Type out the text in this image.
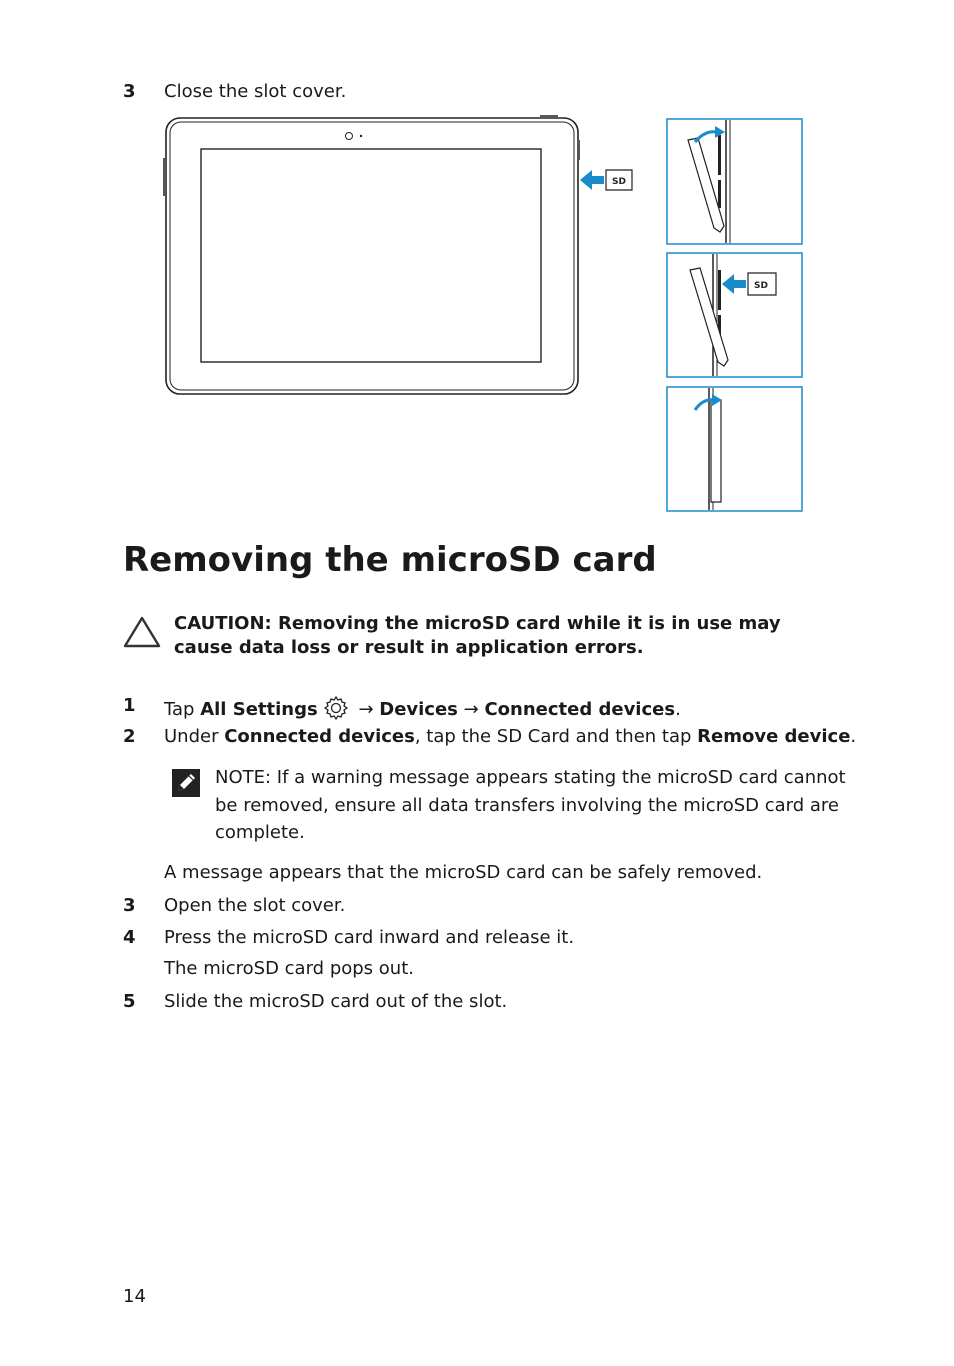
3 Close the slot cover.
SD
SD
Removing the microSD card
CAUTION: Removing the microSD card while it is in use may cause data loss or result in application errors.
1 Tap All Settings → Devices → Connected devices.
2 Under Connected devices, tap the SD Card and then tap Remove device.
NOTE: If a warning message appears stating the microSD card cannot be removed, ensure all data transfers involving the microSD card are complete.
A message appears that the microSD card can be safely removed.
3 Open the slot cover.
4 Press the microSD card inward and release it.
The microSD card pops out.
5 Slide the microSD card out of the slot.
14
